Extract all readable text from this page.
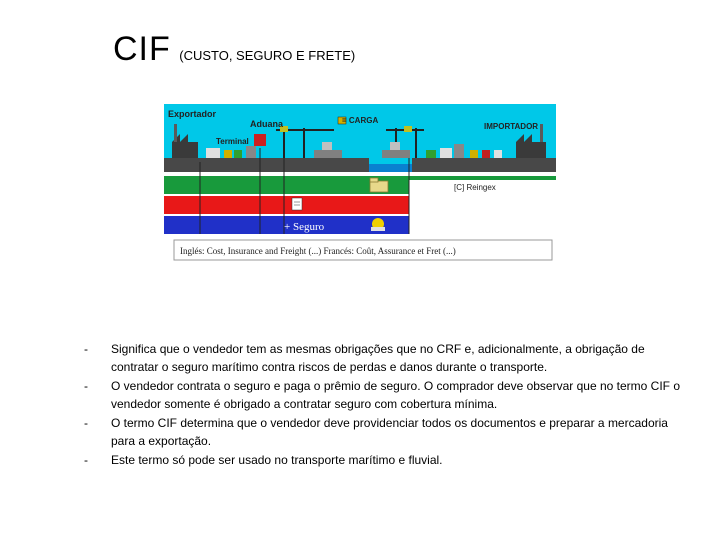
CIF (CUSTO, SEGURO E FRETE)
Exportador
Aduana	= CARGA
Terminal
IMPORTADOR
[C] Reingex
+ Seguro
Inglés: Cost, Insurance and Freight (...) Francés: Coût, Assurance et Fret (...)
- Significa que o vendedor tem as mesmas obrigações que no CRF e, adicionalmente, a obrigação de contratar o seguro marítimo contra riscos de perdas e danos durante o transporte.
- O vendedor contrata o seguro e paga o prêmio de seguro. O comprador deve observar que no termo CIF o vendedor somente é obrigado a contratar seguro com cobertura mínima.
- O termo CIF determina que o vendedor deve providenciar todos os documentos e preparar a mercadoria para a exportação.
- Este termo só pode ser usado no transporte marítimo e fluvial.
